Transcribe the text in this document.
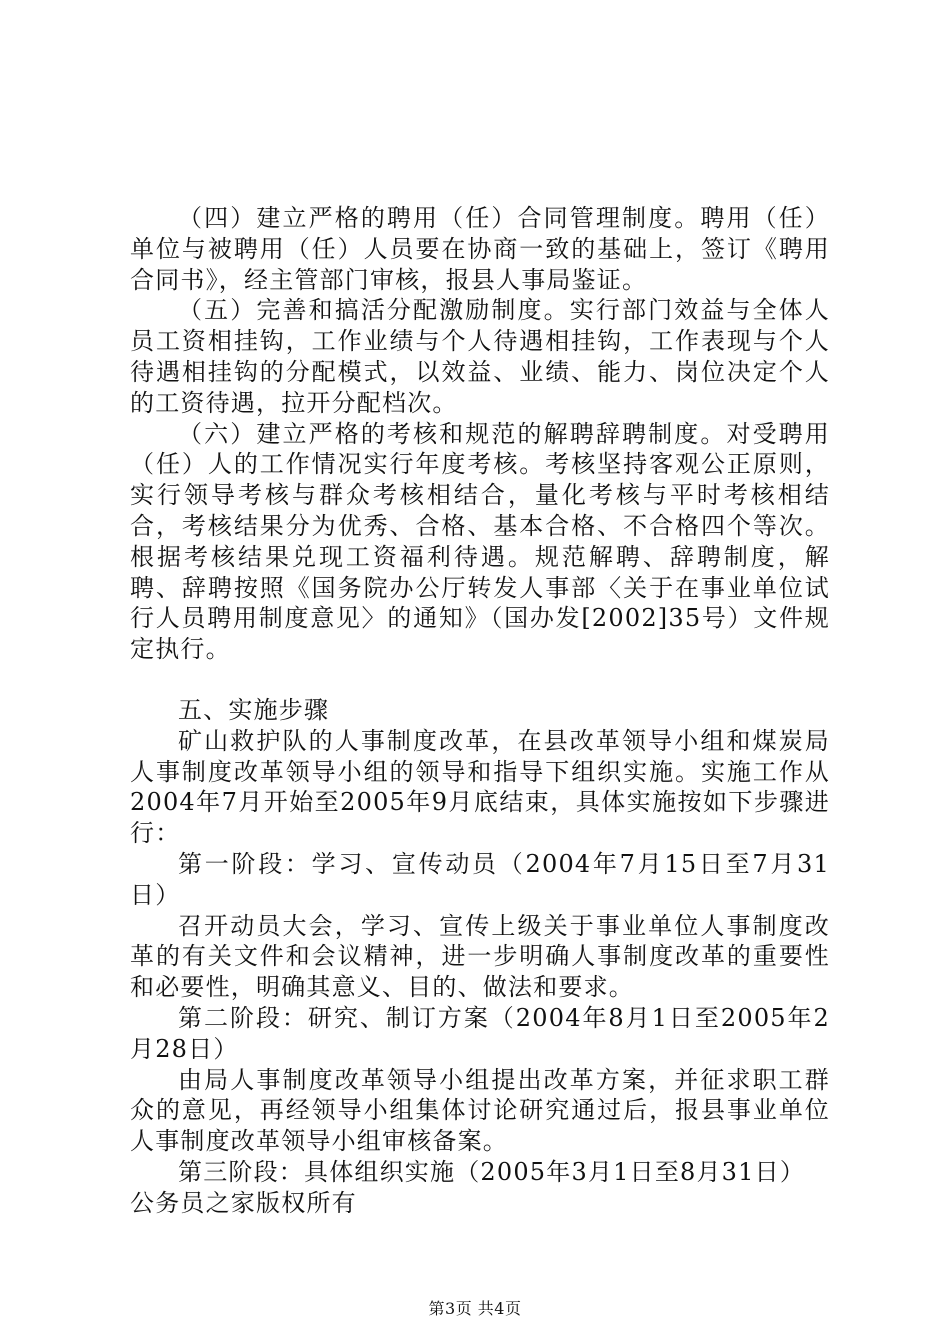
（四）建立严格的聘用（任）合同管理制度。聘用（任）单位与被聘用（任）人员要在协商一致的基础上，签订《聘用合同书》，经主管部门审核，报县人事局鉴证。

（五）完善和搞活分配激励制度。实行部门效益与全体人员工资相挂钩，工作业绩与个人待遇相挂钩，工作表现与个人待遇相挂钩的分配模式，以效益、业绩、能力、岗位决定个人的工资待遇，拉开分配档次。

（六）建立严格的考核和规范的解聘辞聘制度。对受聘用（任）人的工作情况实行年度考核。考核坚持客观公正原则，实行领导考核与群众考核相结合，量化考核与平时考核相结合，考核结果分为优秀、合格、基本合格、不合格四个等次。根据考核结果兑现工资福利待遇。规范解聘、辞聘制度，解聘、辞聘按照《国务院办公厅转发人事部〈关于在事业单位试行人员聘用制度意见〉的通知》（国办发[2002]35号）文件规定执行。

五、实施步骤

矿山救护队的人事制度改革，在县改革领导小组和煤炭局人事制度改革领导小组的领导和指导下组织实施。实施工作从2004年7月开始至2005年9月底结束，具体实施按如下步骤进行：

第一阶段：学习、宣传动员（2004年7月15日至7月31日）

召开动员大会，学习、宣传上级关于事业单位人事制度改革的有关文件和会议精神，进一步明确人事制度改革的重要性和必要性，明确其意义、目的、做法和要求。

第二阶段：研究、制订方案（2004年8月1日至2005年2月28日）

由局人事制度改革领导小组提出改革方案，并征求职工群众的意见，再经领导小组集体讨论研究通过后，报县事业单位人事制度改革领导小组审核备案。

第三阶段：具体组织实施（2005年3月1日至8月31日）

公务员之家版权所有

第3页 共4页
